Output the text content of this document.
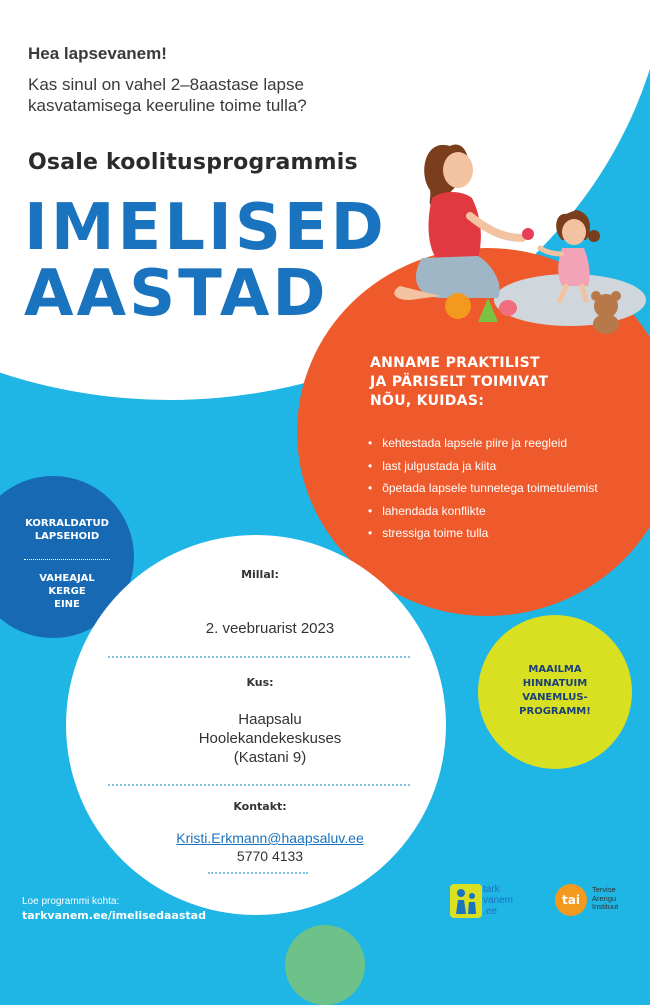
Hea lapsevanem!
Kas sinul on vahel 2–8aastase lapse
kasvatamisega keeruline toime tulla?
Osale koolitusprogrammis
IMELISED
AASTAD
ANNAME PRAKTILIST
JA PÄRISELT TOIMIVAT
NÕU, KUIDAS:
• kehtestada lapsele piire ja reegleid
• last julgustada ja kiita
• õpetada lapsele tunnetega toimetulemist
• lahendada konflikte
• stressiga toime tulla
KORRALDATUD
LAPSEHOID
VAHEAJAL
KERGE
EINE
Millal:
2. veebruarist 2023
Kus:
Haapsalu
Hoolekandekeskuses
(Kastani 9)
Kontakt:
Kristi.Erkmann@haapsaluv.ee
5770 4133
MAAILMA
HINNATUIM
VANEMLUS-
PROGRAMM!
Loe programmi kohta:
tarkvanem.ee/imelisedaastad
tark
vanem
.ee
tai
Tervise
Arengu
Instituut
